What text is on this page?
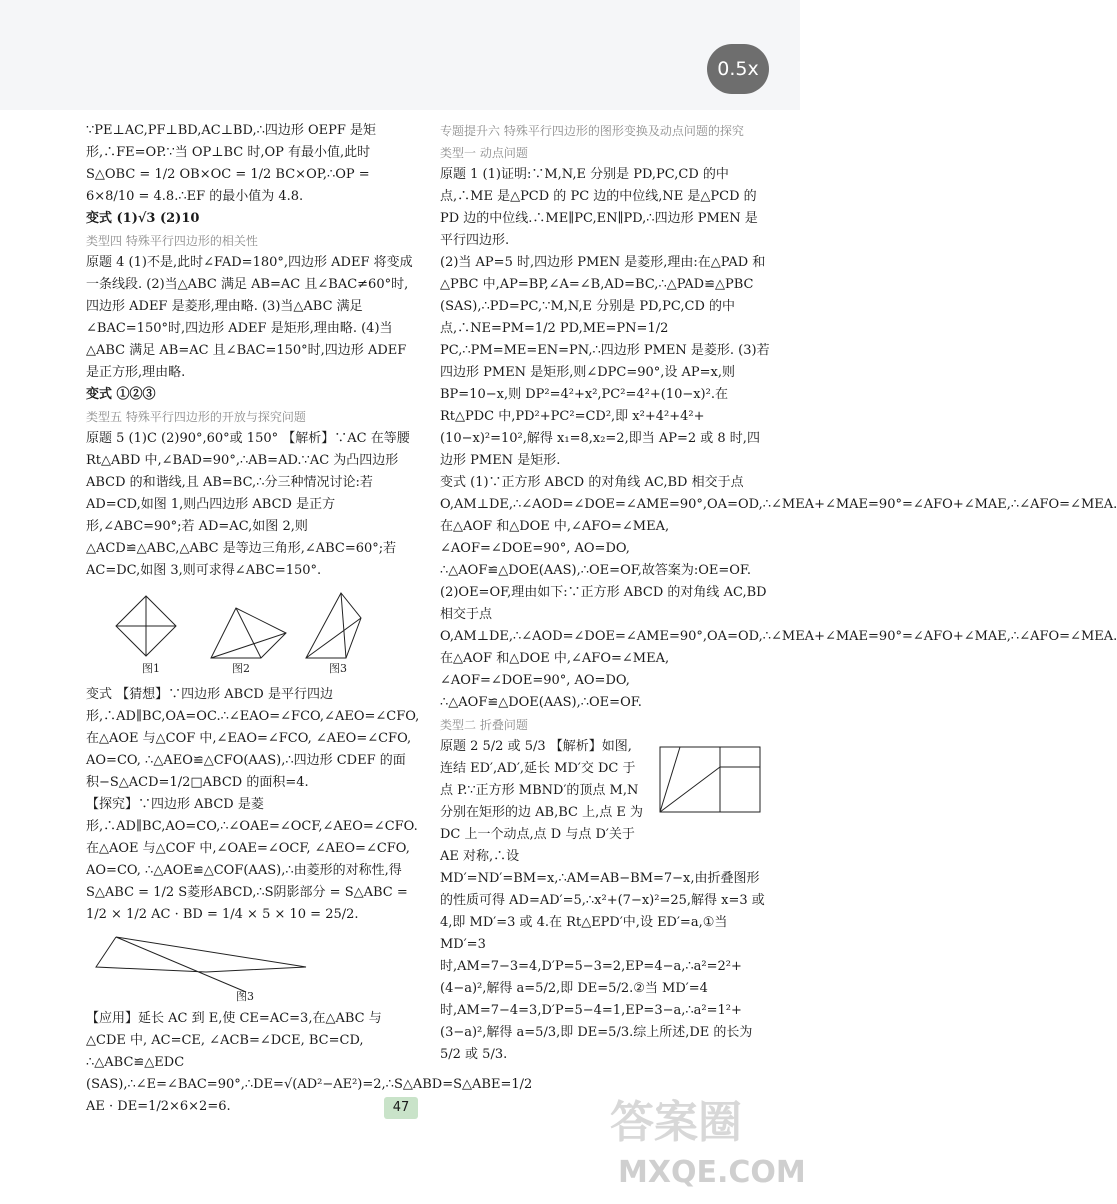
0.5x

∵PE⊥AC,PF⊥BD,AC⊥BD,∴四边形 OEPF 是矩形,∴FE=OP.∵当 OP⊥BC 时,OP 有最小值,此时 S△OBC = 1/2 OB×OC = 1/2 BC×OP,∴OP = 6×8/10 = 4.8.∴EF 的最小值为 4.8.

变式 (1)√3 (2)10

类型四 特殊平行四边形的相关性

原题 4 (1)不是,此时∠FAD=180°,四边形 ADEF 将变成一条线段. (2)当△ABC 满足 AB=AC 且∠BAC≠60°时,四边形 ADEF 是菱形,理由略. (3)当△ABC 满足∠BAC=150°时,四边形 ADEF 是矩形,理由略. (4)当△ABC 满足 AB=AC 且∠BAC=150°时,四边形 ADEF 是正方形,理由略.

变式 ①②③

类型五 特殊平行四边形的开放与探究问题

原题 5 (1)C (2)90°,60°或 150° 【解析】∵AC 在等腰 Rt△ABD 中,∠BAD=90°,∴AB=AD.∵AC 为凸四边形 ABCD 的和谐线,且 AB=BC,∴分三种情况讨论:若 AD=CD,如图 1,则凸四边形 ABCD 是正方形,∠ABC=90°;若 AD=AC,如图 2,则△ACD≌△ABC,△ABC 是等边三角形,∠ABC=60°;若 AC=DC,如图 3,则可求得∠ABC=150°.

图1	图2	图3

变式 【猜想】∵四边形 ABCD 是平行四边形,∴AD∥BC,OA=OC.∴∠EAO=∠FCO,∠AEO=∠CFO,在△AOE 与△COF 中,∠EAO=∠FCO, ∠AEO=∠CFO, AO=CO, ∴△AEO≌△CFO(AAS),∴四边形 CDEF 的面积−S△ACD=1/2□ABCD 的面积=4.

【探究】∵四边形 ABCD 是菱形,∴AD∥BC,AO=CO,∴∠OAE=∠OCF,∠AEO=∠CFO.在△AOE 与△COF 中,∠OAE=∠OCF, ∠AEO=∠CFO, AO=CO, ∴△AOE≌△COF(AAS),∴由菱形的对称性,得 S△ABC = 1/2 S菱形ABCD,∴S阴影部分 = S△ABC = 1/2 × 1/2 AC · BD = 1/4 × 5 × 10 = 25/2.

图3

【应用】延长 AC 到 E,使 CE=AC=3,在△ABC 与△CDE 中, AC=CE, ∠ACB=∠DCE, BC=CD, ∴△ABC≌△EDC (SAS),∴∠E=∠BAC=90°,∴DE=√(AD²−AE²)=2,∴S△ABD=S△ABE=1/2 AE · DE=1/2×6×2=6.

专题提升六 特殊平行四边形的图形变换及动点问题的探究

类型一 动点问题

原题 1 (1)证明:∵M,N,E 分别是 PD,PC,CD 的中点,∴ME 是△PCD 的 PC 边的中位线,NE 是△PCD 的 PD 边的中位线.∴ME∥PC,EN∥PD,∴四边形 PMEN 是平行四边形.

(2)当 AP=5 时,四边形 PMEN 是菱形,理由:在△PAD 和△PBC 中,AP=BP,∠A=∠B,AD=BC,∴△PAD≌△PBC (SAS),∴PD=PC,∵M,N,E 分别是 PD,PC,CD 的中点,∴NE=PM=1/2 PD,ME=PN=1/2 PC,∴PM=ME=EN=PN,∴四边形 PMEN 是菱形. (3)若四边形 PMEN 是矩形,则∠DPC=90°,设 AP=x,则 BP=10−x,则 DP²=4²+x²,PC²=4²+(10−x)².在 Rt△PDC 中,PD²+PC²=CD²,即 x²+4²+4²+(10−x)²=10²,解得 x₁=8,x₂=2,即当 AP=2 或 8 时,四边形 PMEN 是矩形.

变式 (1)∵正方形 ABCD 的对角线 AC,BD 相交于点 O,AM⊥DE,∴∠AOD=∠DOE=∠AME=90°,OA=OD,∴∠MEA+∠MAE=90°=∠AFO+∠MAE,∴∠AFO=∠MEA.在△AOF 和△DOE 中,∠AFO=∠MEA, ∠AOF=∠DOE=90°, AO=DO, ∴△AOF≌△DOE(AAS),∴OE=OF,故答案为:OE=OF.

(2)OE=OF,理由如下:∵正方形 ABCD 的对角线 AC,BD 相交于点 O,AM⊥DE,∴∠AOD=∠DOE=∠AME=90°,OA=OD,∴∠MEA+∠MAE=90°=∠AFO+∠MAE,∴∠AFO=∠MEA.在△AOF 和△DOE 中,∠AFO=∠MEA, ∠AOF=∠DOE=90°, AO=DO, ∴△AOF≌△DOE(AAS),∴OE=OF.

类型二 折叠问题

原题 2 5/2 或 5/3 【解析】如图,连结 ED′,AD′,延长 MD′交 DC 于点 P.∵正方形 MBND′的顶点 M,N 分别在矩形的边 AB,BC 上,点 E 为 DC 上一个动点,点 D 与点 D′关于 AE 对称,∴设 MD′=ND′=BM=x,∴AM=AB−BM=7−x,由折叠图形的性质可得 AD=AD′=5,∴x²+(7−x)²=25,解得 x=3 或 4,即 MD′=3 或 4.在 Rt△EPD′中,设 ED′=a,①当 MD′=3 时,AM=7−3=4,D′P=5−3=2,EP=4−a,∴a²=2²+(4−a)²,解得 a=5/2,即 DE=5/2.②当 MD′=4 时,AM=7−4=3,D′P=5−4=1,EP=3−a,∴a²=1²+(3−a)²,解得 a=5/3,即 DE=5/3.综上所述,DE 的长为 5/2 或 5/3.

47	答案圈
MXQE.COM
